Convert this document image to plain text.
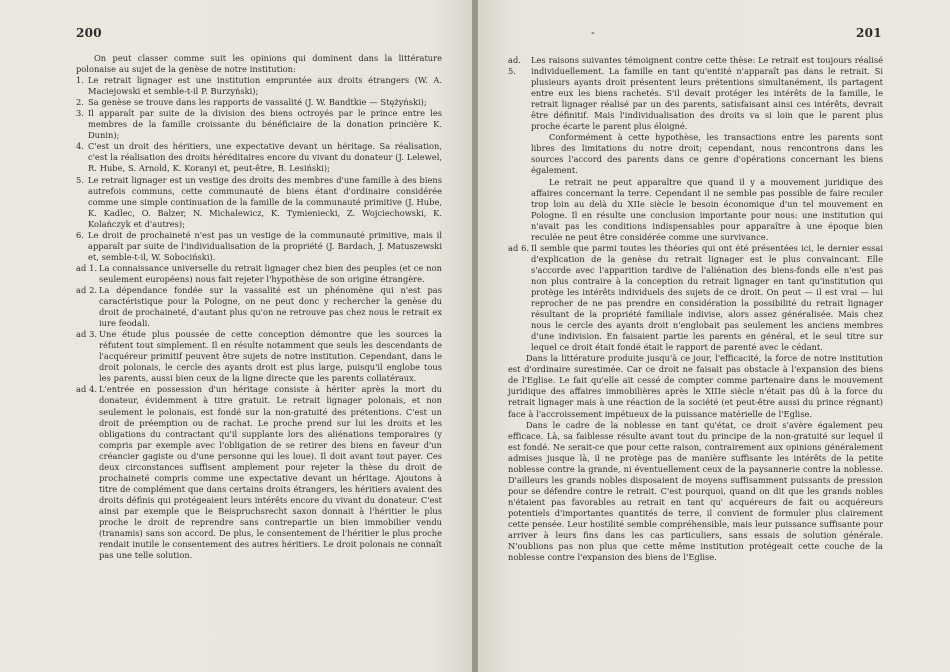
200

On peut classer comme suit les opinions qui dominent dans la littérature polonaise au sujet de la genèse de notre institution:

1. Le retrait lignager est une institution empruntée aux droits étrangers (W. A. Maciejowski et semble-t-il P. Burzyński);
2. Sa genèse se trouve dans les rapports de vassalité (J. W. Bandtkie — Stężyński);
3. Il apparaît par suite de la division des biens octroyés par le prince entre les membres de la famille croissante du bénéficiaire de la donation princière K. Dunin);
4. C'est un droit des héritiers, une expectative devant un héritage. Sa réalisation, c'est la réalisation des droits héréditaires encore du vivant du donateur (J. Lelewel, R. Hube, S. Arnold, K. Koranyi et, peut-être, B. Lesiński);
5. Le retrait lignager est un vestige des droits des membres d'une famille à des biens autrefois communs, cette communauté de biens étant d'ordinaire considérée comme une simple continuation de la famille de la communauté primitive (J. Hube, K. Kadlec, O. Balzer, N. Michalewicz, K. Tymieniecki, Z. Wojciechowski, K. Kolańczyk et d'autres);
6. Le droit de prochaineté n'est pas un vestige de la communauté primitive, mais il apparaît par suite de l'individualisation de la propriété (J. Bardach, J. Matuszewski et, semble-t-il, W. Sobociński).
ad 1. La connaissance universelle du retrait lignager chez bien des peuples (et ce non seulement européens) nous fait rejeter l'hypothèse de son origine étrangère.
ad 2. La dépendance fondée sur la vassalité est un phénomène qui n'est pas caractéristique pour la Pologne, on ne peut donc y rechercher la genèse du droit de prochaineté, d'autant plus qu'on ne retrouve pas chez nous le retrait ex iure feodali.
ad 3. Une étude plus poussée de cette conception démontre que les sources la réfutent tout simplement. Il en résulte notamment que seuls les descendants de l'acquéreur primitif peuvent être sujets de notre institution. Cependant, dans le droit polonais, le cercle des ayants droit est plus large, puisqu'il englobe tous les parents, aussi bien ceux de la ligne directe que les parents collatéraux.
ad 4. L'entrée en possession d'un héritage consiste à hériter après la mort du donateur, évidemment à titre gratuit. Le retrait lignager polonais, et non seulement le polonais, est fondé sur la non-gratuité des prétentions. C'est un droit de préemption ou de rachat. Le proche prend sur lui les droits et les obligations du contractant qu'il supplante lors des aliénations temporaires (y compris par exemple avec l'obligation de se retirer des biens en faveur d'un créancier gagiste ou d'une personne qui les loue). Il doit avant tout payer. Ces deux circonstances suffisent amplement pour rejeter la thèse du droit de prochaineté compris comme une expectative devant un héritage. Ajoutons à titre de complément que dans certains droits étrangers, les héritiers avaient des droits définis qui protégeaient leurs intérêts encore du vivant du donateur. C'est ainsi par exemple que le Beispruchsrecht saxon donnait à l'héritier le plus proche le droit de reprendre sans contrepartie un bien immobilier vendu (tranamis) sans son accord. De plus, le consentement de l'héritier le plus proche rendait inutile le consentement des autres héritiers. Le droit polonais ne connaît pas une telle solution.
-	201
ad. 5.

Les raisons suivantes témoignent contre cette thèse: Le retrait est toujours réalisé individuellement. La famille en tant qu'entité n'apparaît pas dans le retrait. Si plusieurs ayants droit présentent leurs prétentions simultanément, ils partagent entre eux les biens rachetés. S'il devait protéger les intérêts de la famille, le retrait lignager réalisé par un des parents, satisfaisant ainsi ces intérêts, devrait être définitif. Mais l'individualisation des droits va si loin que le parent plus proche écarte le parent plus éloigné.

Conformément à cette hypothèse, les transactions entre les parents sont libres des limitations du notre droit; cependant, nous rencontrons dans les sources l'accord des parents dans ce genre d'opérations concernant les biens également.

Le retrait ne peut apparaître que quand il y a mouvement juridique des affaires concernant la terre. Cependant il ne semble pas possible de faire reculer trop loin au delà du XIIe siècle le besoin économique d'un tel mouvement en Pologne. Il en résulte une conclusion importante pour nous: une institution qui n'avait pas les conditions indispensables pour apparaître à une époque bien reculée ne peut être considérée comme une survivance.

ad 6. Il semble que parmi toutes les théories qui ont été présentées ici, le dernier essai d'explication de la genèse du retrait lignager est le plus convaincant. Elle s'accorde avec l'apparition tardive de l'aliénation des biens-fonds elle n'est pas non plus contraire à la conception du retrait lignager en tant qu'institution qui protège les intérêts individuels des sujets de ce droit. On peut — il est vrai — lui reprocher de ne pas prendre en considération la possibilité du retrait lignager résultant de la propriété familiale indivise, alors assez généralisée. Mais chez nous le cercle des ayants droit n'englobait pas seulement les anciens membres d'une indivision. En faisaient partie les parents en général, et le seul titre sur lequel ce droit était fondé était le rapport de parenté avec le cédant.

Dans la littérature produite jusqu'à ce jour, l'efficacité, la force de notre institution est d'ordinaire surestimée. Car ce droit ne faisait pas obstacle à l'expansion des biens de l'Eglise. Le fait qu'elle ait cessé de compter comme partenaire dans le mouvement juridique des affaires immobilières après le XIIIe siècle n'était pas dû à la force du retrait lignager mais à une réaction de la société (et peut-être aussi du prince régnant) face à l'accroissement impétueux de la puissance matérielle de l'Eglise.

Dans le cadre de la noblesse en tant qu'état, ce droit s'avère également peu efficace. Là, sa faiblesse résulte avant tout du principe de la non-gratuité sur lequel il est fondé. Ne serait-ce que pour cette raison, contrairement aux opinions généralement admises jusque là, il ne protège pas de manière suffisante les intérêts de la petite noblesse contre la grande, ni éventuellement ceux de la paysannerie contre la noblesse. D'ailleurs les grands nobles disposaient de moyens suffisamment puissants de pression pour se défendre contre le retrait. C'est pourquoi, quand on dit que les grands nobles n'étaient pas favorables au retrait en tant qu' acquéreurs de fait ou acquéreurs potentiels d'importantes quantités de terre, il convient de formuler plus clairement cette pensée. Leur hostilité semble compréhensible, mais leur puissance suffisante pour arriver à leurs fins dans les cas particuliers, sans essais de solution générale. N'oublions pas non plus que cette même institution protégeait cette couche de la noblesse contre l'expansion des biens de l'Eglise.
